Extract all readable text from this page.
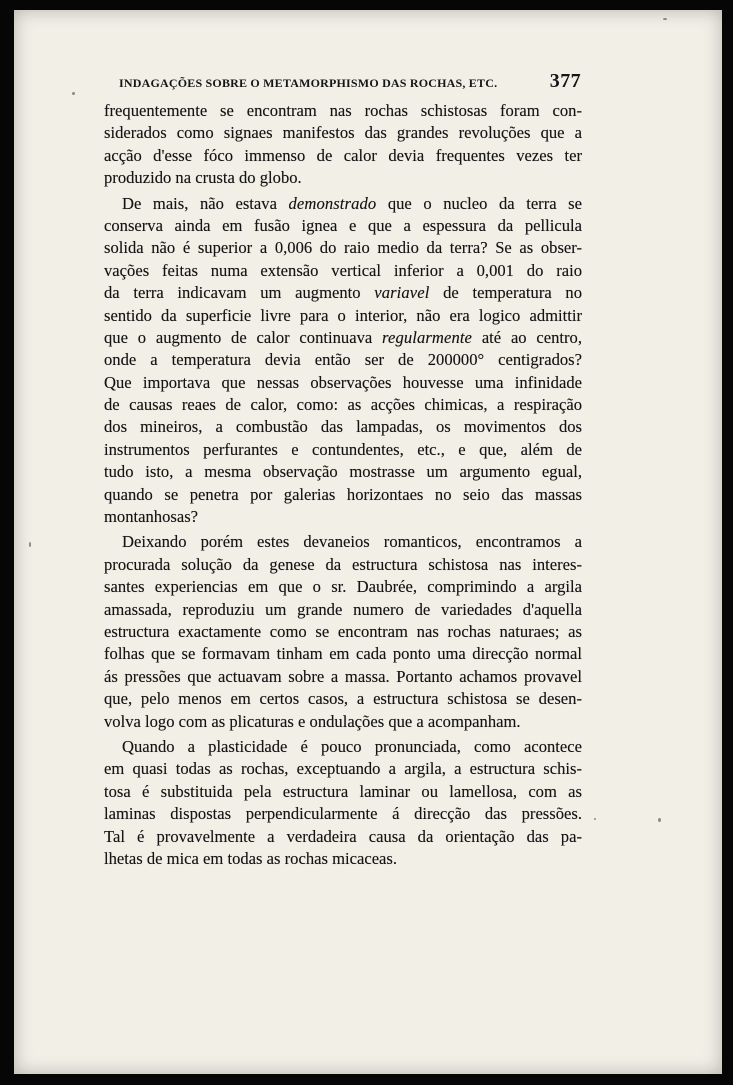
INDAGAÇÕES SOBRE O METAMORPHISMO DAS ROCHAS, ETC.	377
frequentemente se encontram nas rochas schistosas foram con-
siderados como signaes manifestos das grandes revoluções que a
acção d'esse fóco immenso de calor devia frequentes vezes ter
produzido na crusta do globo.
De mais, não estava demonstrado que o nucleo da terra se
conserva ainda em fusão ignea e que a espessura da pellicula
solida não é superior a 0,006 do raio medio da terra? Se as obser-
vações feitas numa extensão vertical inferior a 0,001 do raio
da terra indicavam um augmento variavel de temperatura no
sentido da superficie livre para o interior, não era logico admittir
que o augmento de calor continuava regularmente até ao centro,
onde a temperatura devia então ser de 200000° centigrados?
Que importava que nessas observações houvesse uma infinidade
de causas reaes de calor, como: as acções chimicas, a respiração
dos mineiros, a combustão das lampadas, os movimentos dos
instrumentos perfurantes e contundentes, etc., e que, além de
tudo isto, a mesma observação mostrasse um argumento egual,
quando se penetra por galerias horizontaes no seio das massas
montanhosas?
Deixando porém estes devaneios romanticos, encontramos a
procurada solução da genese da estructura schistosa nas interes-
santes experiencias em que o sr. Daubrée, comprimindo a argila
amassada, reproduziu um grande numero de variedades d'aquella
estructura exactamente como se encontram nas rochas naturaes; as
folhas que se formavam tinham em cada ponto uma direcção normal
ás pressões que actuavam sobre a massa. Portanto achamos provavel
que, pelo menos em certos casos, a estructura schistosa se desen-
volva logo com as plicaturas e ondulações que a acompanham.
Quando a plasticidade é pouco pronunciada, como acontece
em quasi todas as rochas, exceptuando a argila, a estructura schis-
tosa é substituida pela estructura laminar ou lamellosa, com as
laminas dispostas perpendicularmente á direcção das pressões.
Tal é provavelmente a verdadeira causa da orientação das pa-
lhetas de mica em todas as rochas micaceas.
